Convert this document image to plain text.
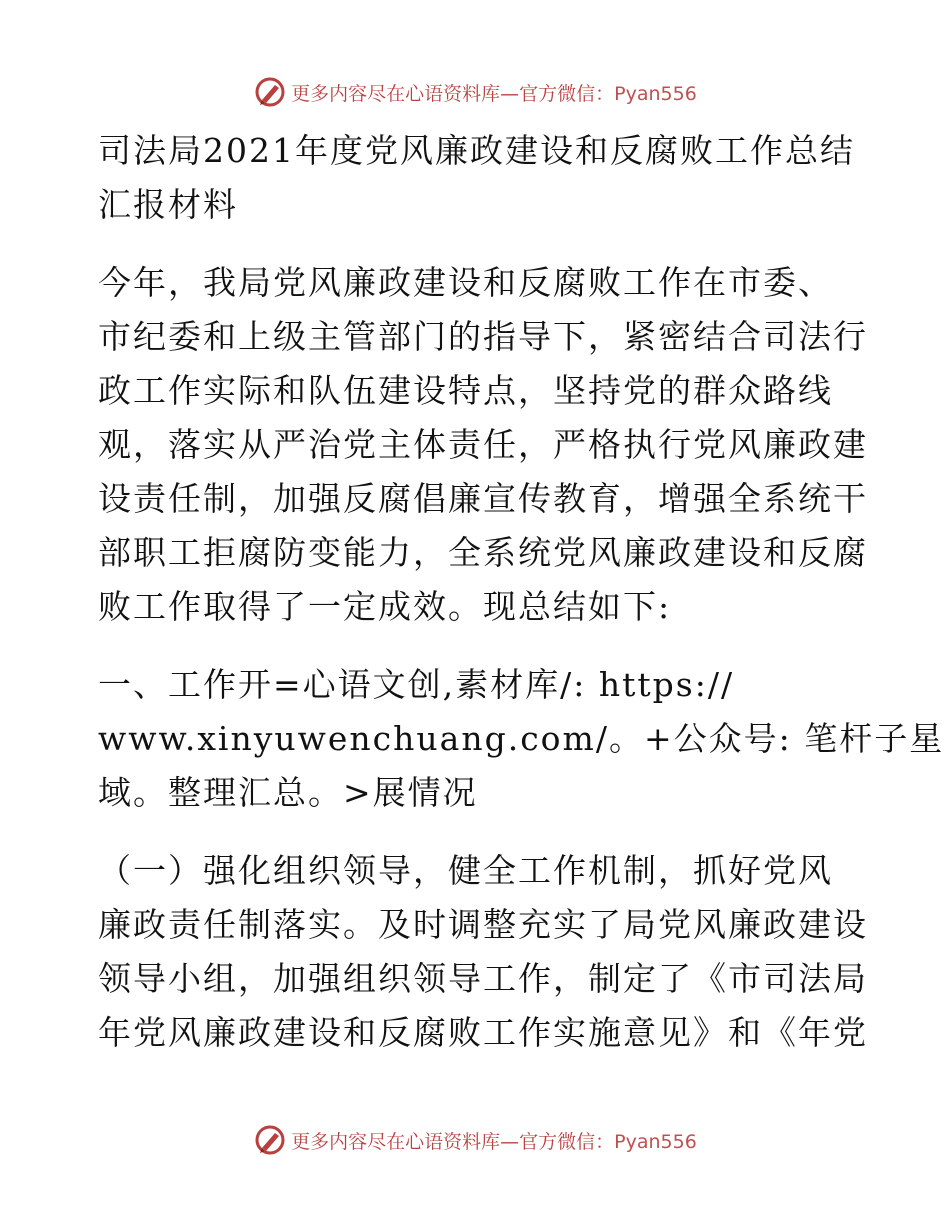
更多内容尽在心语资料库—官方微信：Pyan556
司法局2021年度党风廉政建设和反腐败工作总结
汇报材料
今年，我局党风廉政建设和反腐败工作在市委、
市纪委和上级主管部门的指导下，紧密结合司法行
政工作实际和队伍建设特点，坚持党的群众路线
观，落实从严治党主体责任，严格执行党风廉政建
设责任制，加强反腐倡廉宣传教育，增强全系统干
部职工拒腐防变能力，全系统党风廉政建设和反腐
败工作取得了一定成效。现总结如下:
一、工作开=心语文创,素材库/: https://
www.xinyuwenchuang.com/。+公众号: 笔杆子星
域。整理汇总。>展情况
（一）强化组织领导，健全工作机制，抓好党风
廉政责任制落实。及时调整充实了局党风廉政建设
领导小组，加强组织领导工作，制定了《市司法局
年党风廉政建设和反腐败工作实施意见》和《年党
更多内容尽在心语资料库—官方微信：Pyan556
